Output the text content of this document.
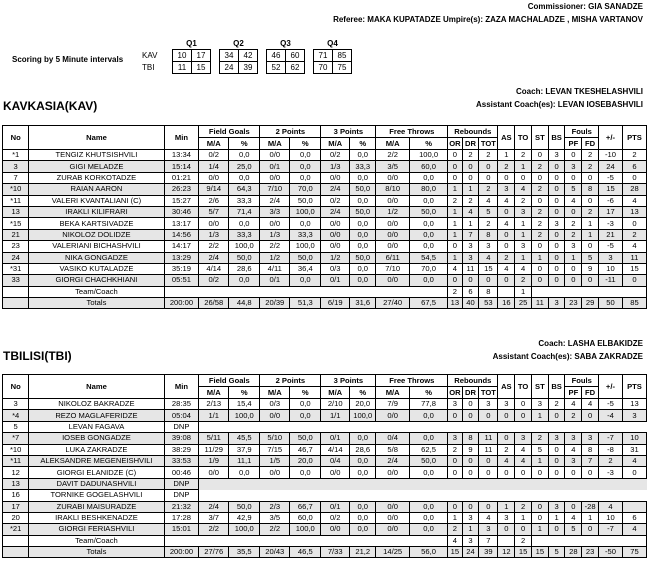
Commissioner: GIA SANADZE
Referee: MAKA KUPATADZE Umpire(s): ZAZA MACHALADZE , MISHA VARTANOV
Scoring by 5 Minute intervals
	Q1			Q2			Q3			Q4	
KAV	10	17		34	42		46	60		71	85
TBI	11	15		24	39		52	62		70	75
Coach: LEVAN TKESHELASHVILI
KAVKASIA(KAV)	Assistant Coach(es): LEVAN IOSEBASHVILI
No	Name	Min	Field Goals		2 Points		3 Points		Free Throws		Rebounds			AS	TO	ST	BS	Fouls		+/-	PTS
			M/A	%	M/A	%	M/A	%	M/A	%	OR	DR	TOT					PF	FD		
*1	TENGIZ KHUTSISHVILI	13:34	0/2	0,0	0/0	0,0	0/2	0,0	2/2	100,0	0	2	2	1	2	0	3	0	2	-10	2
3	GIGI MELADZE	15:14	1/4	25,0	0/1	0,0	1/3	33,3	3/5	60,0	0	0	0	2	1	2	0	3	2	24	6
7	ZURAB KORKOTADZE	01:21	0/0	0,0	0/0	0,0	0/0	0,0	0/0	0,0	0	0	0	0	0	0	0	0	0	-5	0
*10	RAIAN AARON	26:23	9/14	64,3	7/10	70,0	2/4	50,0	8/10	80,0	1	1	2	3	4	2	0	5	8	15	28
*11	VALERI KVANTALIANI (C)	15:27	2/6	33,3	2/4	50,0	0/2	0,0	0/0	0,0	2	2	4	4	2	0	0	4	0	-6	4
13	IRAKLI KILIFRARI	30:46	5/7	71,4	3/3	100,0	2/4	50,0	1/2	50,0	1	4	5	0	3	2	0	0	2	17	13
*15	BEKA KARTSIVADZE	13:17	0/0	0,0	0/0	0,0	0/0	0,0	0/0	0,0	1	1	2	4	1	2	3	2	1	-3	0
21	NIKOLOZ DOLIDZE	14:56	1/3	33,3	1/3	33,3	0/0	0,0	0/0	0,0	1	7	8	0	1	2	0	2	1	21	2
23	VALERIANI BICHASHVILI	14:17	2/2	100,0	2/2	100,0	0/0	0,0	0/0	0,0	0	3	3	0	3	0	0	3	0	-5	4
24	NIKA GONGADZE	13:29	2/4	50,0	1/2	50,0	1/2	50,0	6/11	54,5	1	3	4	2	1	1	0	1	5	3	11
*31	VASIKO KUTALADZE	35:19	4/14	28,6	4/11	36,4	0/3	0,0	7/10	70,0	4	11	15	4	4	0	0	0	9	10	15
33	GIORGI CHACHKHIANI	05:51	0/2	0,0	0/1	0,0	0/1	0,0	0/0	0,0	0	0	0	0	2	0	0	0	0	-11	0
	Team/Coach										2	6	8		1						
	Totals	200:00	26/58	44,8	20/39	51,3	6/19	31,6	27/40	67,5	13	40	53	16	25	11	3	23	29	50	85
Coach: LASHA ELBAKIDZE
TBILISI(TBI)	Assistant Coach(es): SABA ZAKRADZE
No	Name	Min	Field Goals		2 Points		3 Points		Free Throws		Rebounds			AS	TO	ST	BS	Fouls		+/-	PTS
			M/A	%	M/A	%	M/A	%	M/A	%	OR	DR	TOT					PF	FD		
3	NIKOLOZ BAKRADZE	28:35	2/13	15,4	0/3	0,0	2/10	20,0	7/9	77,8	3	0	3	3	0	3	2	4	4	-5	13
*4	REZO MAGLAFERIDZE	05:04	1/1	100,0	0/0	0,0	1/1	100,0	0/0	0,0	0	0	0	0	0	1	0	2	0	-4	3
5	LEVAN FAGAVA	DNP																			
*7	IOSEB GONGADZE	39:08	5/11	45,5	5/10	50,0	0/1	0,0	0/4	0,0	3	8	11	0	3	2	3	3	3	-7	10
*10	LUKA ZAKRADZE	38:29	11/29	37,9	7/15	46,7	4/14	28,6	5/8	62,5	2	9	11	2	4	5	0	4	8	-8	31
*11	ALEKSANDRE MEGENEISHVILI	33:53	1/9	11,1	1/5	20,0	0/4	0,0	2/4	50,0	0	0	0	4	4	1	0	3	7	2	4
12	GIORGI ELANIDZE (C)	00:46	0/0	0,0	0/0	0,0	0/0	0,0	0/0	0,0	0	0	0	0	0	0	0	0	0	-3	0
13	DAVIT DADUNASHVILI	DNP																			
16	TORNIKE GOGELASHVILI	DNP																			
17	ZURABI MAISURADZE	21:32	2/4	50,0	2/3	66,7	0/1	0,0	0/0	0,0	0	0	0	1	2	0	3	0	-28	4	
20	IRAKLI BESHKENADZE	17:28	3/7	42,9	3/5	60,0	0/2	0,0	0/0	0,0	1	3	4	3	1	0	1	4	1	10	6
*21	GIORGI FERIASHVILI	15:01	2/2	100,0	2/2	100,0	0/0	0,0	0/0	0,0	2	1	3	0	0	1	0	5	0	-7	4
	Team/Coach										4	3	7		2						
	Totals	200:00	27/76	35,5	20/43	46,5	7/33	21,2	14/25	56,0	15	24	39	12	15	15	5	28	23	-50	75
